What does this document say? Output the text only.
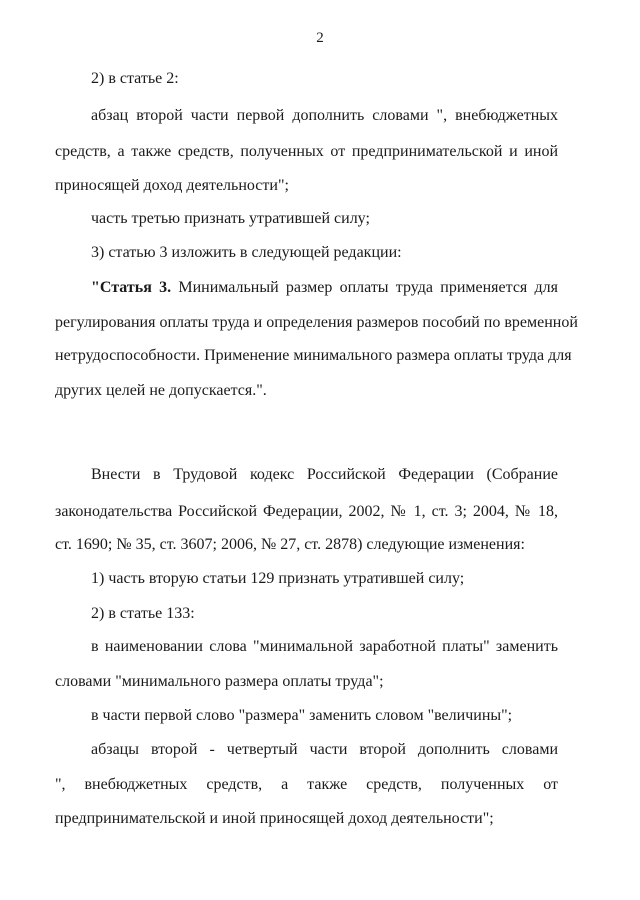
2
2) в статье 2:
абзац второй части первой дополнить словами ", внебюджетных
средств, а также средств, полученных от предпринимательской и иной
приносящей доход деятельности";
часть третью признать утратившей силу;
3) статью 3 изложить в следующей редакции:
"Статья 3. Минимальный размер оплаты труда применяется для
регулирования оплаты труда и определения размеров пособий по временной
нетрудоспособности. Применение минимального размера оплаты труда для
других целей не допускается.".
Внести в Трудовой кодекс Российской Федерации (Собрание
законодательства Российской Федерации, 2002, № 1, ст. 3; 2004, № 18,
ст. 1690; № 35, ст. 3607; 2006, № 27, ст. 2878) следующие изменения:
1) часть вторую статьи 129 признать утратившей силу;
2) в статье 133:
в наименовании слова "минимальной заработной платы" заменить
словами "минимального размера оплаты труда";
в части первой слово "размера" заменить словом "величины";
абзацы второй - четвертый части второй дополнить словами
", внебюджетных средств, а также средств, полученных от
предпринимательской и иной приносящей доход деятельности";
